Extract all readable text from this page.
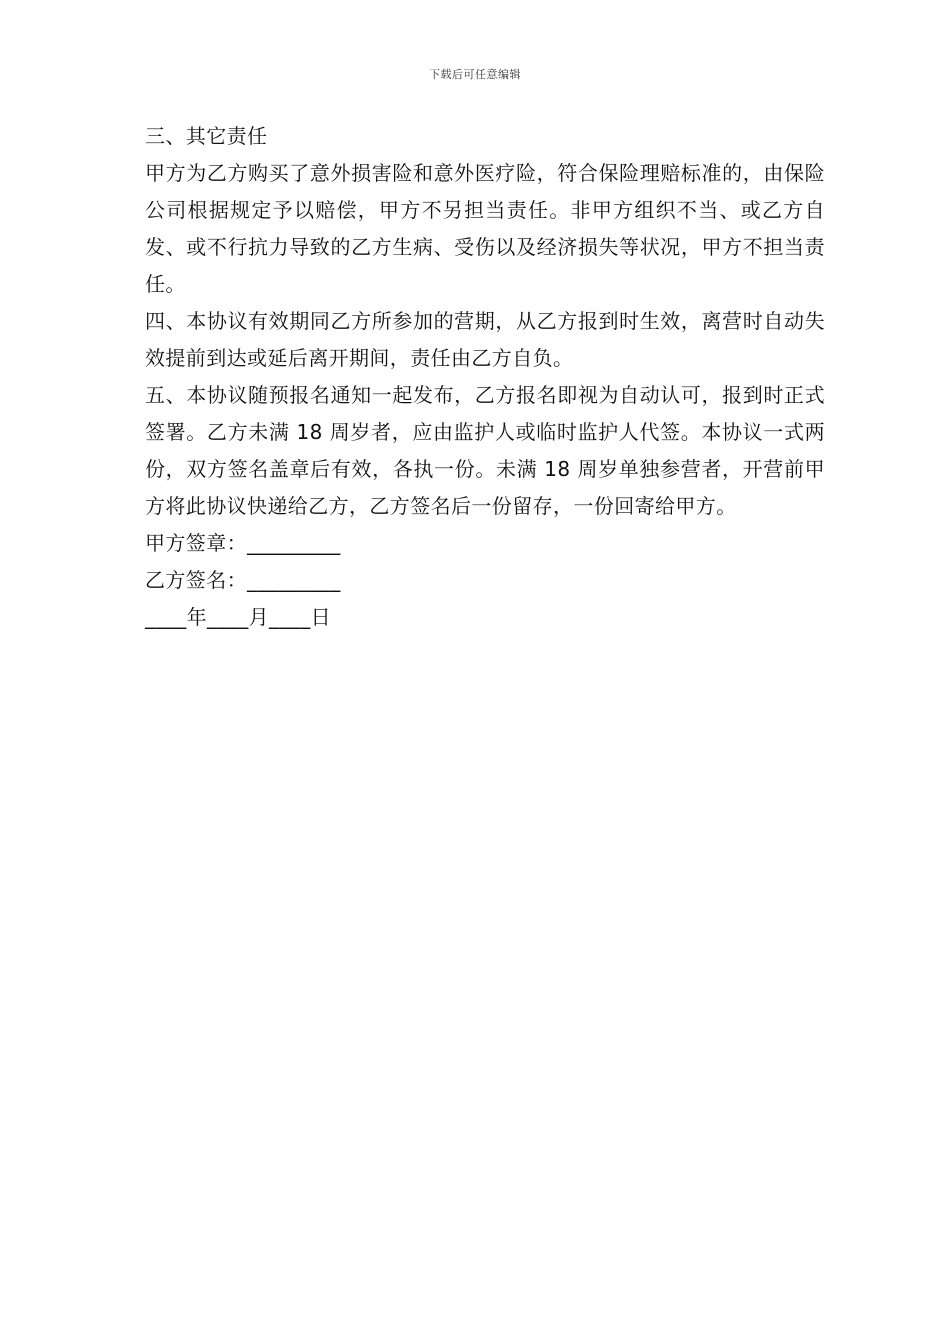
下载后可任意编辑

三、其它责任

甲方为乙方购买了意外损害险和意外医疗险，符合保险理赔标准的，由保险公司根据规定予以赔偿，甲方不另担当责任。非甲方组织不当、或乙方自发、或不行抗力导致的乙方生病、受伤以及经济损失等状况，甲方不担当责任。

四、本协议有效期同乙方所参加的营期，从乙方报到时生效，离营时自动失效提前到达或延后离开期间，责任由乙方自负。

五、本协议随预报名通知一起发布，乙方报名即视为自动认可，报到时正式签署。乙方未满 18 周岁者，应由监护人或临时监护人代签。本协议一式两份，双方签名盖章后有效，各执一份。未满 18 周岁单独参营者，开营前甲方将此协议快递给乙方，乙方签名后一份留存，一份回寄给甲方。

甲方签章：_________

乙方签名：_________

____年____月____日
